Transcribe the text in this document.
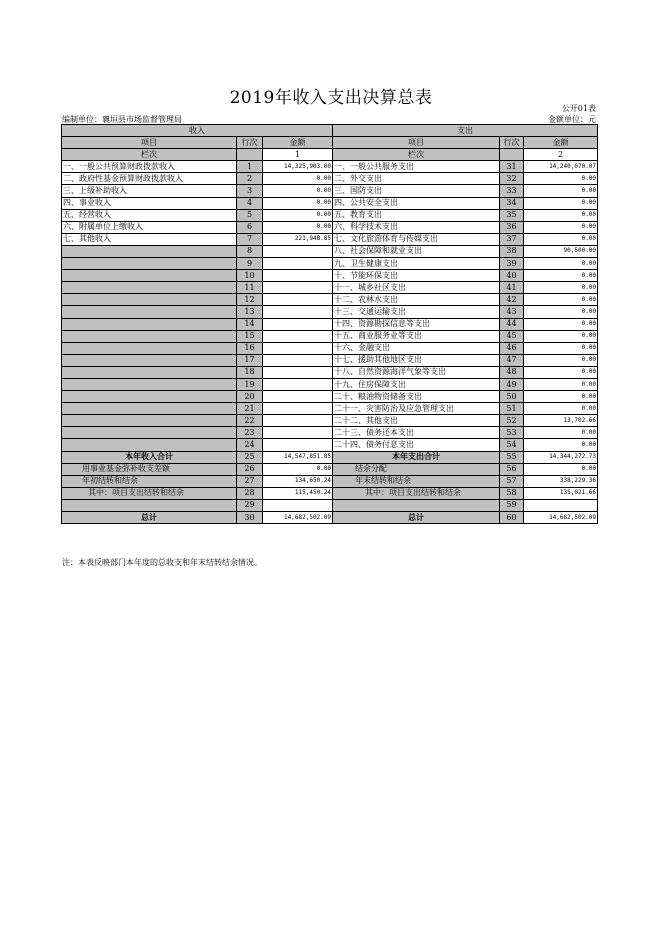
2019年收入支出决算总表
公开01表
编制单位：襄垣县市场监督管理局	金额单位：元
收入			支出		
项目	行次	金额	项目	行次	金额
栏次		1	栏次		2
一、一般公共预算财政拨款收入	1	14,325,903.00	一、一般公共服务支出	31	14,240,070.07
二、政府性基金预算财政拨款收入	2	0.00	二、外交支出	32	0.00
三、上级补助收入	3	0.00	三、国防支出	33	0.00
四、事业收入	4	0.00	四、公共安全支出	34	0.00
五、经营收入	5	0.00	五、教育支出	35	0.00
六、附属单位上缴收入	6	0.00	六、科学技术支出	36	0.00
七、其他收入	7	221,948.85	七、文化旅游体育与传媒支出	37	0.00
	8		八、社会保障和就业支出	38	90,500.00
	9		九、卫生健康支出	39	0.00
	10		十、节能环保支出	40	0.00
	11		十一、城乡社区支出	41	0.00
	12		十二、农林水支出	42	0.00
	13		十三、交通运输支出	43	0.00
	14		十四、资源勘探信息等支出	44	0.00
	15		十五、商业服务业等支出	45	0.00
	16		十六、金融支出	46	0.00
	17		十七、援助其他地区支出	47	0.00
	18		十八、自然资源海洋气象等支出	48	0.00
	19		十九、住房保障支出	49	0.00
	20		二十、粮油物资储备支出	50	0.00
	21		二十一、灾害防治及应急管理支出	51	0.00
	22		二十二、其他支出	52	13,702.66
	23		二十三、债务还本支出	53	0.00
	24		二十四、债务付息支出	54	0.00
本年收入合计	25	14,547,851.85	本年支出合计	55	14,344,272.73
用事业基金弥补收支差额	26	0.00	结余分配	56	0.00
年初结转和结余	27	134,650.24	年末结转和结余	57	338,229.36
其中：项目支出结转和结余	28	115,450.24	其中：项目支出结转和结余	58	135,021.66
	29			59	
总计	30	14,682,502.09	总计	60	14,682,502.09
注：本表反映部门本年度的总收支和年末结转结余情况。
